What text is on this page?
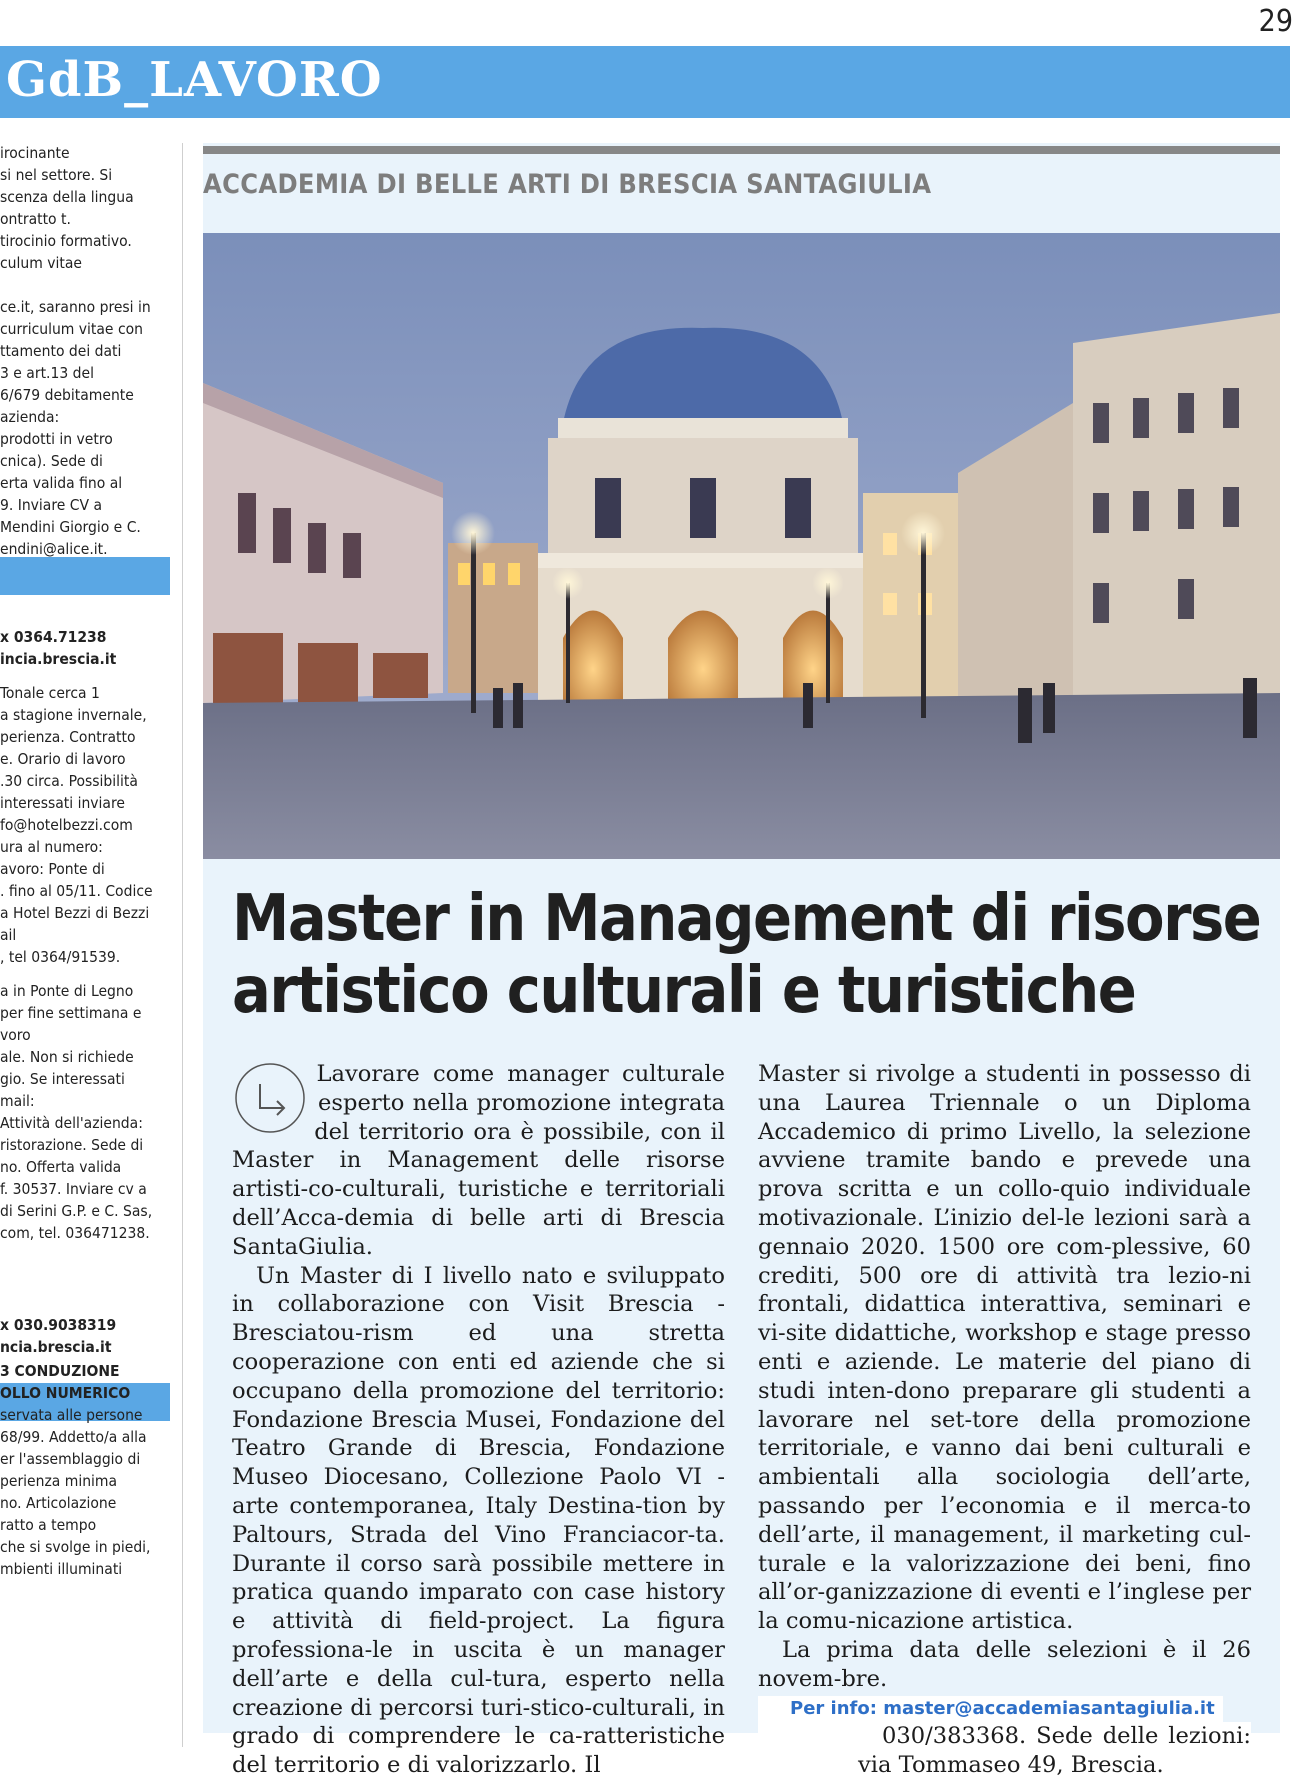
29
GdB_LAVORO
irocinante
si nel settore. Si
scenza della lingua
ontratto t.
tirocinio formativo.
culum vitae
ce.it, saranno presi in
curriculum vitae con
ttamento dei dati
3 e art.13 del
6/679 debitamente
azienda:
prodotti in vetro
cnica). Sede di
erta valida fino al
9. Inviare CV a
Mendini Giorgio e C.
endini@alice.it.
x 0364.71238
incia.brescia.it
Tonale cerca 1
a stagione invernale,
perienza. Contratto
e. Orario di lavoro
.30 circa. Possibilità
interessati inviare
fo@hotelbezzi.com
ura al numero:
avoro: Ponte di
. fino al 05/11. Codice
a Hotel Bezzi di Bezzi
ail
, tel 0364/91539.
a in Ponte di Legno
per fine settimana e
voro
ale. Non si richiede
gio. Se interessati
mail:
Attività dell'azienda:
ristorazione. Sede di
no. Offerta valida
f. 30537. Inviare cv a
di Serini G.P. e C. Sas,
com, tel. 036471238.
x 030.9038319
ncia.brescia.it
3 CONDUZIONE
OLLO NUMERICO
servata alle persone
68/99. Addetto/a alla
er l'assemblaggio di
perienza minima
no. Articolazione
ratto a tempo
che si svolge in piedi,
mbienti illuminati
ACCADEMIA DI BELLE ARTI DI BRESCIA SANTAGIULIA
Master in Management di risorse
artistico culturali e turistiche

Lavorare come manager culturale esperto nella promozione integrata del territorio ora è possibile, con il Master in Management delle risorse artisti-co-culturali, turistiche e territoriali dell’Acca-demia di belle arti di Brescia SantaGiulia.

Un Master di I livello nato e sviluppato in collaborazione con Visit Brescia - Bresciatou-rism ed una stretta cooperazione con enti ed aziende che si occupano della promozione del territorio: Fondazione Brescia Musei, Fondazione del Teatro Grande di Brescia, Fondazione Museo Diocesano, Collezione Paolo VI - arte contemporanea, Italy Destina-tion by Paltours, Strada del Vino Franciacor-ta. Durante il corso sarà possibile mettere in pratica quando imparato con case history e attività di field-project. La figura professiona-le in uscita è un manager dell’arte e della cul-tura, esperto nella creazione di percorsi turi-stico-culturali, in grado di comprendere le ca-ratteristiche del territorio e di valorizzarlo. Il

Master si rivolge a studenti in possesso di una Laurea Triennale o un Diploma Accademico di primo Livello, la selezione avviene tramite bando e prevede una prova scritta e un collo-quio individuale motivazionale. L’inizio del-le lezioni sarà a gennaio 2020. 1500 ore com-plessive, 60 crediti, 500 ore di attività tra lezio-ni frontali, didattica interattiva, seminari e vi-site didattiche, workshop e stage presso enti e aziende. Le materie del piano di studi inten-dono preparare gli studenti a lavorare nel set-tore della promozione territoriale, e vanno dai beni culturali e ambientali alla sociologia dell’arte, passando per l’economia e il merca-to dell’arte, il management, il marketing cul-turale e la valorizzazione dei beni, fino all’or-ganizzazione di eventi e l’inglese per la comu-nicazione artistica.

La prima data delle selezioni è il 26 novem-bre. Per info: master@accademiasantagiulia.it 030/383368. Sede delle lezioni: via Tommaseo 49, Brescia.
